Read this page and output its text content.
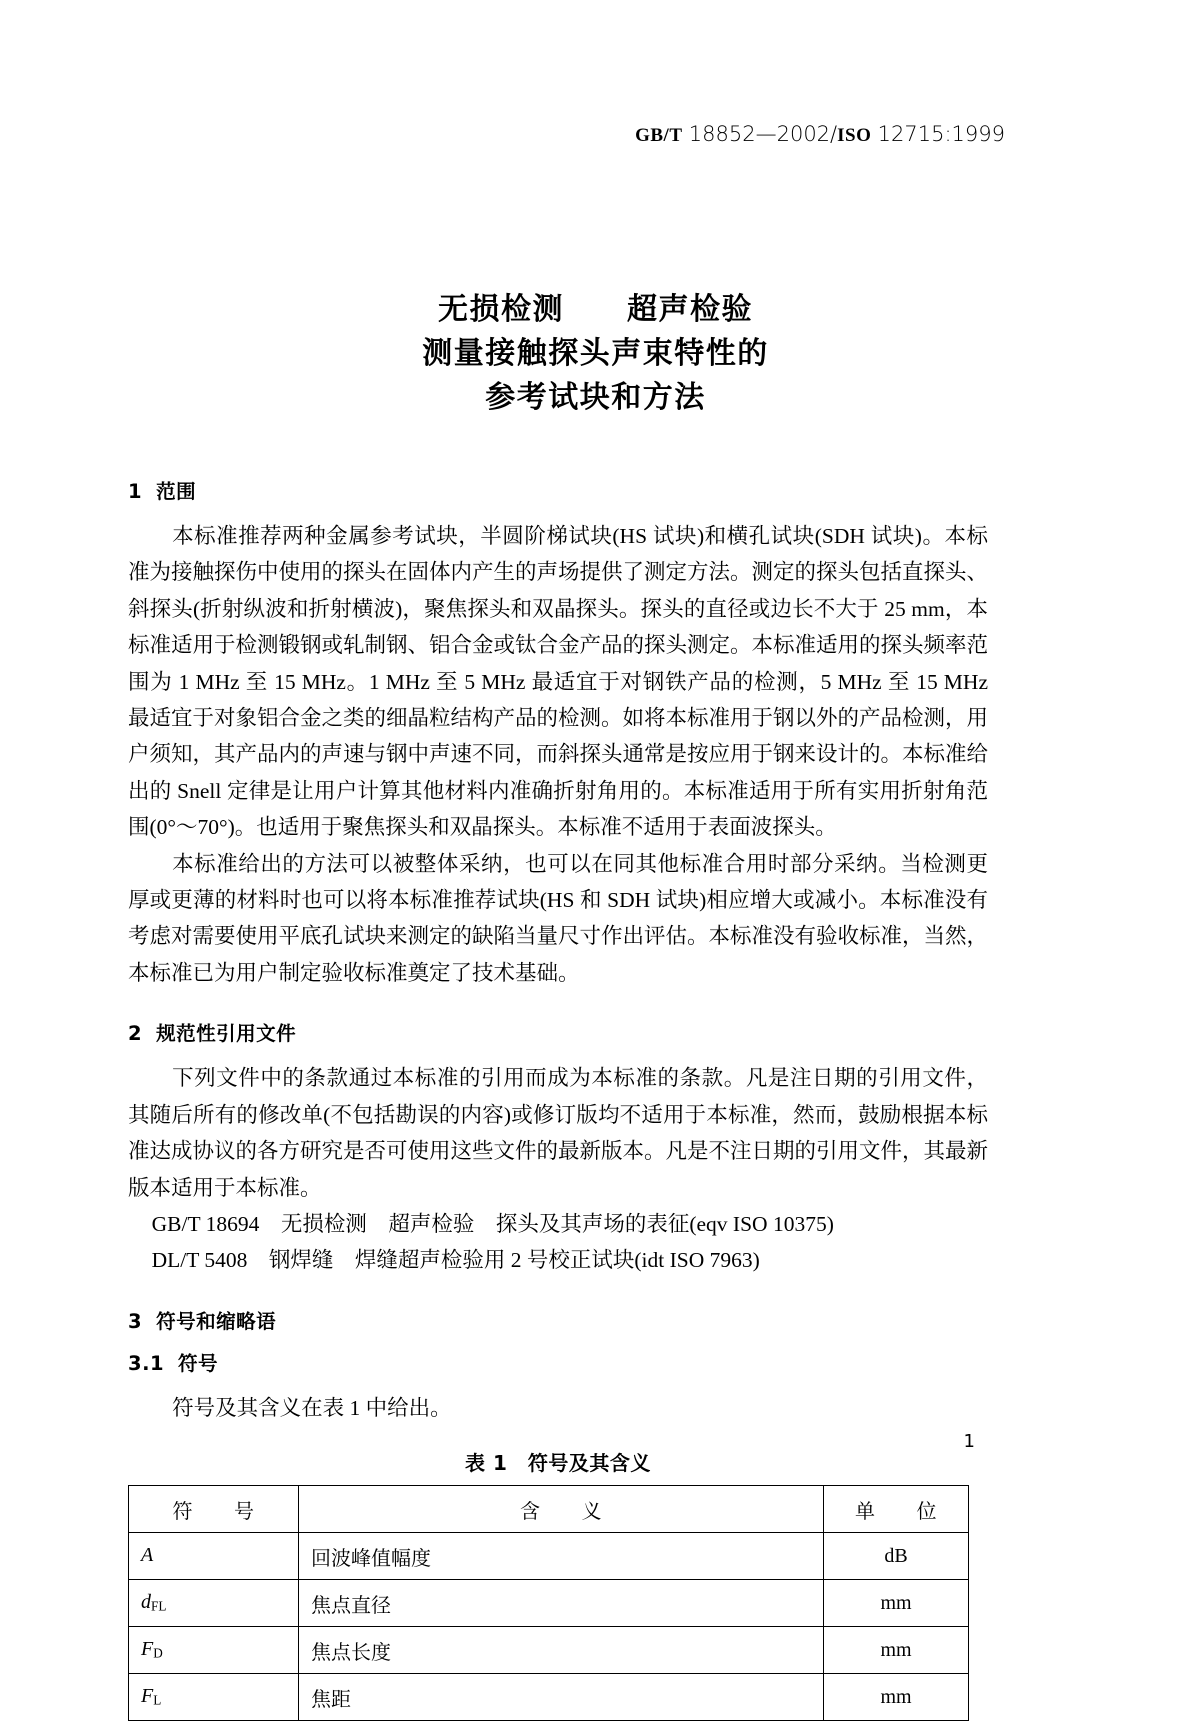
GB/T 18852—2002/ISO 12715:1999
无损检测　　超声检验
测量接触探头声束特性的
参考试块和方法
1 范围

本标准推荐两种金属参考试块，半圆阶梯试块(HS 试块)和横孔试块(SDH 试块)。本标准为接触探伤中使用的探头在固体内产生的声场提供了测定方法。测定的探头包括直探头、斜探头(折射纵波和折射横波)，聚焦探头和双晶探头。探头的直径或边长不大于 25 mm，本标准适用于检测锻钢或轧制钢、铝合金或钛合金产品的探头测定。本标准适用的探头频率范围为 1 MHz 至 15 MHz。1 MHz 至 5 MHz 最适宜于对钢铁产品的检测，5 MHz 至 15 MHz 最适宜于对象铝合金之类的细晶粒结构产品的检测。如将本标准用于钢以外的产品检测，用户须知，其产品内的声速与钢中声速不同，而斜探头通常是按应用于钢来设计的。本标准给出的 Snell 定律是让用户计算其他材料内准确折射角用的。本标准适用于所有实用折射角范围(0°～70°)。也适用于聚焦探头和双晶探头。本标准不适用于表面波探头。

本标准给出的方法可以被整体采纳，也可以在同其他标准合用时部分采纳。当检测更厚或更薄的材料时也可以将本标准推荐试块(HS 和 SDH 试块)相应增大或减小。本标准没有考虑对需要使用平底孔试块来测定的缺陷当量尺寸作出评估。本标准没有验收标准，当然，本标准已为用户制定验收标准奠定了技术基础。

2 规范性引用文件

下列文件中的条款通过本标准的引用而成为本标准的条款。凡是注日期的引用文件，其随后所有的修改单(不包括勘误的内容)或修订版均不适用于本标准，然而，鼓励根据本标准达成协议的各方研究是否可使用这些文件的最新版本。凡是不注日期的引用文件，其最新版本适用于本标准。

GB/T 18694　无损检测　超声检验　探头及其声场的表征(eqv ISO 10375)

DL/T 5408　钢焊缝　焊缝超声检验用 2 号校正试块(idt ISO 7963)

3 符号和缩略语
3.1 符号

符号及其含义在表 1 中给出。

表 1　符号及其含义
符　　号	含　　义	单　　位
A	回波峰值幅度	dB
$d_{FL}$	焦点直径	mm
$F_D$	焦点长度	mm
$F_L$	焦距	mm
1
